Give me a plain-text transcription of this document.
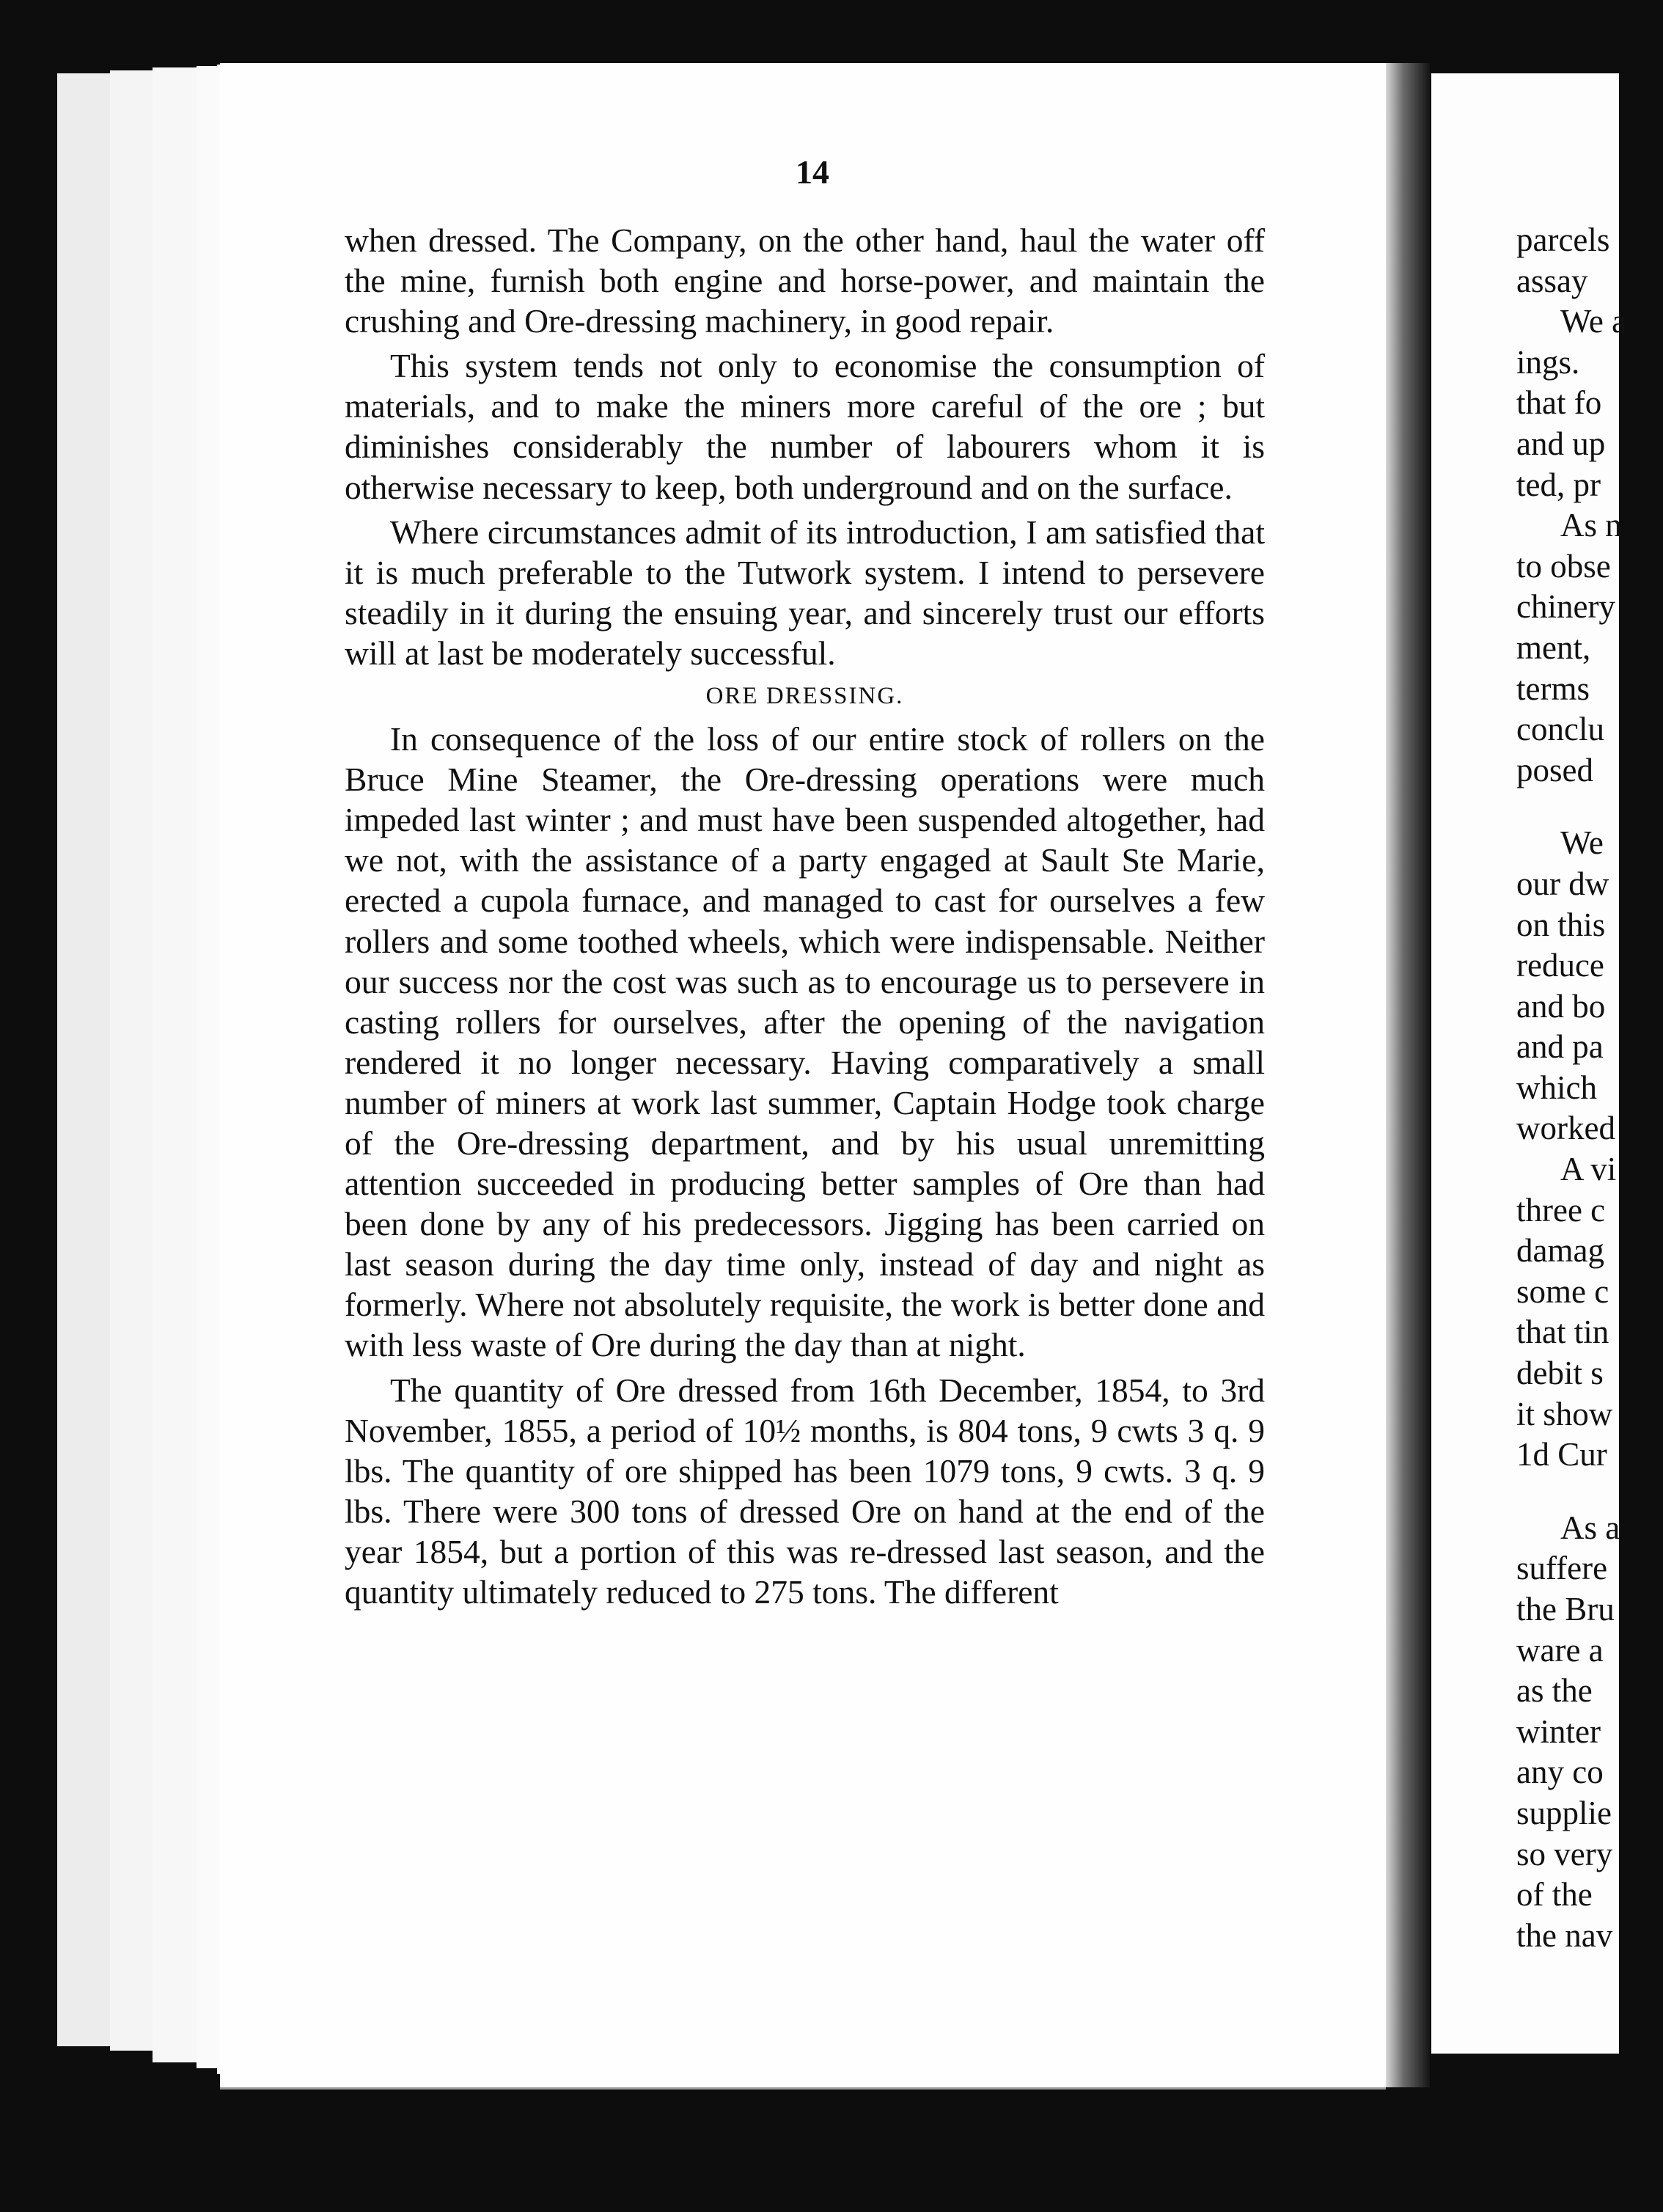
14

when dressed. The Company, on the other hand, haul the water off the mine, furnish both engine and horse-power, and maintain the crushing and Ore-dressing machinery, in good repair.

This system tends not only to economise the consumption of materials, and to make the miners more careful of the ore ; but diminishes considerably the number of labourers whom it is otherwise necessary to keep, both underground and on the surface.

Where circumstances admit of its introduction, I am satisfied that it is much preferable to the Tutwork system. I intend to persevere steadily in it during the ensuing year, and sincerely trust our efforts will at last be moderately successful.

ORE DRESSING.

In consequence of the loss of our entire stock of rollers on the Bruce Mine Steamer, the Ore-dressing operations were much impeded last winter ; and must have been suspended altogether, had we not, with the assistance of a party engaged at Sault Ste Marie, erected a cupola furnace, and managed to cast for ourselves a few rollers and some toothed wheels, which were indispensable. Neither our success nor the cost was such as to encourage us to persevere in casting rollers for ourselves, after the opening of the navigation rendered it no longer necessary. Having comparatively a small number of miners at work last summer, Captain Hodge took charge of the Ore-dressing department, and by his usual unremitting attention succeeded in producing better samples of Ore than had been done by any of his predecessors. Jigging has been carried on last season during the day time only, instead of day and night as formerly. Where not absolutely requisite, the work is better done and with less waste of Ore during the day than at night.

The quantity of Ore dressed from 16th December, 1854, to 3rd November, 1855, a period of 10½ months, is 804 tons, 9 cwts 3 q. 9 lbs. The quantity of ore shipped has been 1079 tons, 9 cwts. 3 q. 9 lbs. There were 300 tons of dressed Ore on hand at the end of the year 1854, but a portion of this was re-dressed last season, and the quantity ultimately reduced to 275 tons. The different

parcels
assay
We a
ings.
that fo
and up
ted, pr
As n
to obse
chinery
ment,
terms
conclu
posed
We
our dw
on this
reduce
and bo
and pa
which
worked
A vi
three c
damag
some c
that tin
debit s
it show
1d Cur
As a
suffere
the Bru
ware a
as the
winter
any co
supplie
so very
of the
the nav
